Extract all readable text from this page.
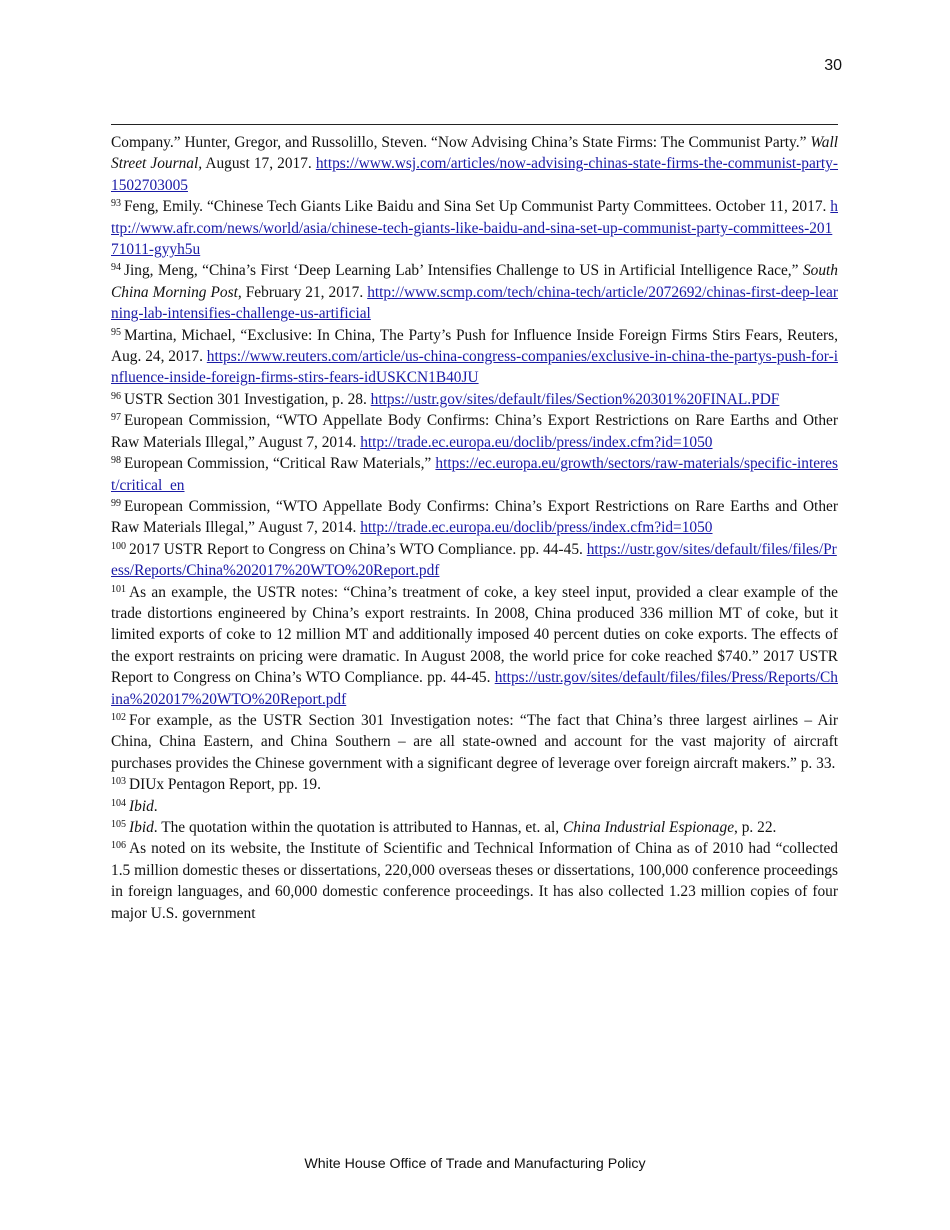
30

Company.” Hunter, Gregor, and Russolillo, Steven. “Now Advising China’s State Firms: The Communist Party.” Wall Street Journal, August 17, 2017. https://www.wsj.com/articles/now-advising-chinas-state-firms-the-communist-party-1502703005

$^{93}$ Feng, Emily. “Chinese Tech Giants Like Baidu and Sina Set Up Communist Party Committees. October 11, 2017. http://www.afr.com/news/world/asia/chinese-tech-giants-like-baidu-and-sina-set-up-communist-party-committees-20171011-gyyh5u

$^{94}$ Jing, Meng, “China’s First ‘Deep Learning Lab’ Intensifies Challenge to US in Artificial Intelligence Race,” South China Morning Post, February 21, 2017. http://www.scmp.com/tech/china-tech/article/2072692/chinas-first-deep-learning-lab-intensifies-challenge-us-artificial

$^{95}$ Martina, Michael, “Exclusive: In China, The Party’s Push for Influence Inside Foreign Firms Stirs Fears, Reuters, Aug. 24, 2017. https://www.reuters.com/article/us-china-congress-companies/exclusive-in-china-the-partys-push-for-influence-inside-foreign-firms-stirs-fears-idUSKCN1B40JU

$^{96}$ USTR Section 301 Investigation, p. 28. https://ustr.gov/sites/default/files/Section%20301%20FINAL.PDF

$^{97}$ European Commission, “WTO Appellate Body Confirms: China’s Export Restrictions on Rare Earths and Other Raw Materials Illegal,” August 7, 2014. http://trade.ec.europa.eu/doclib/press/index.cfm?id=1050

$^{98}$ European Commission, “Critical Raw Materials,” https://ec.europa.eu/growth/sectors/raw-materials/specific-interest/critical_en

$^{99}$ European Commission, “WTO Appellate Body Confirms: China’s Export Restrictions on Rare Earths and Other Raw Materials Illegal,” August 7, 2014. http://trade.ec.europa.eu/doclib/press/index.cfm?id=1050

$^{100}$ 2017 USTR Report to Congress on China’s WTO Compliance. pp. 44-45. https://ustr.gov/sites/default/files/files/Press/Reports/China%202017%20WTO%20Report.pdf

$^{101}$ As an example, the USTR notes: “China’s treatment of coke, a key steel input, provided a clear example of the trade distortions engineered by China’s export restraints. In 2008, China produced 336 million MT of coke, but it limited exports of coke to 12 million MT and additionally imposed 40 percent duties on coke exports. The effects of the export restraints on pricing were dramatic. In August 2008, the world price for coke reached $740.” 2017 USTR Report to Congress on China’s WTO Compliance. pp. 44-45. https://ustr.gov/sites/default/files/files/Press/Reports/China%202017%20WTO%20Report.pdf

$^{102}$ For example, as the USTR Section 301 Investigation notes: “The fact that China’s three largest airlines – Air China, China Eastern, and China Southern – are all state-owned and account for the vast majority of aircraft purchases provides the Chinese government with a significant degree of leverage over foreign aircraft makers.” p. 33.

$^{103}$ DIUx Pentagon Report, pp. 19.

$^{104}$ Ibid.

$^{105}$ Ibid. The quotation within the quotation is attributed to Hannas, et. al, China Industrial Espionage, p. 22.

$^{106}$ As noted on its website, the Institute of Scientific and Technical Information of China as of 2010 had “collected 1.5 million domestic theses or dissertations, 220,000 overseas theses or dissertations, 100,000 conference proceedings in foreign languages, and 60,000 domestic conference proceedings. It has also collected 1.23 million copies of four major U.S. government

White House Office of Trade and Manufacturing Policy
